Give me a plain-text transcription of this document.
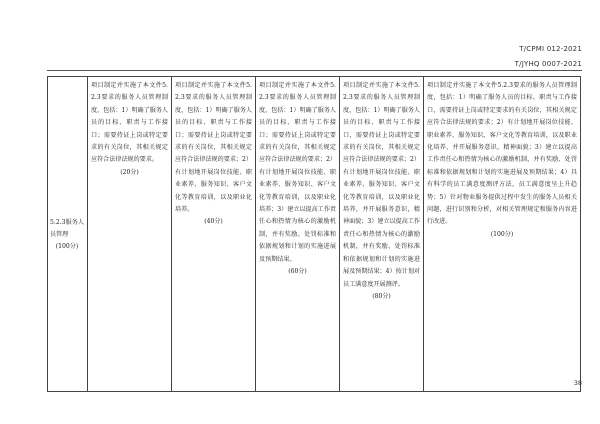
T/CPMI 012-2021
T/JYHQ 0007-2021
5.2.3服务人员管理

(100分)
	项目制定并实施了本文件5.2.3要求的服务人员管理制度，包括：1）明确了服务人员的目标、职责与工作接口；需要持证上岗或特定要求的有关岗位，其相关规定应符合法律法规的要求。
(20分)
	项目制定并实施了本文件5.2.3要求的服务人员管理制度，包括：1）明确了服务人员的目标、职责与工作接口；需要持证上岗或特定要求的有关岗位，其相关规定应符合法律法规的要求；2）有计划地开展岗位技能、职业素养、服务知识、客户文化等教育培训，以及职业化培养。
(40分)
	项目制定并实施了本文件5.2.3要求的服务人员管理制度，包括：1）明确了服务人员的目标、职责与工作接口；需要持证上岗或特定要求的有关岗位，其相关规定应符合法律法规的要求；2）有计划地开展岗位技能、职业素养、服务知识、客户文化等教育培训，以及职业化培养；3）建立以提高工作责任心和热情为核心的激励机制，并有奖励、处罚标准和依据规划和计划的实施进展及预期结果。
(60分)
	项目制定并实施了本文件5.2.3要求的服务人员管理制度，包括：1）明确了服务人员的目标、职责与工作接口，需要持证上岗或特定要求的有关岗位，其相关规定应符合法律法规的要求；2）有计划地开展岗位技能、职业素养、服务知识、客户文化等教育培训，以及职业化培养，并开展服务意识，精神面貌；3）建立以提高工作责任心和热情为核心的激励机制，并有奖励、处罚标准和依据规划和计划的实施进展及预期结果；4）按计划对员工满意度开展测评。
(80分)
	项目制定并实施了本文件5.2.3要求的服务人员管理制度，包括：1）明确了服务人员的目标、职责与工作接口，需要持证上岗或特定要求的有关岗位，其相关规定应符合法律法规的要求；2）有计划地开展岗位技能、职业素养、服务知识、客户文化等教育培训，以及职业化培养，并开展服务意识，精神面貌；3）建立以提高工作责任心和热情为核心的激励机制，并有奖励、处罚标准和依据规划和计划的实施进展及预期结果；4）具有科学的员工满意度测评方法，员工满意度呈上升趋势；5）针对物业服务提供过程中发生的服务人员相关问题，进行识别和分析，对相关管理规定和服务内容进行改进。
(100分)
38
